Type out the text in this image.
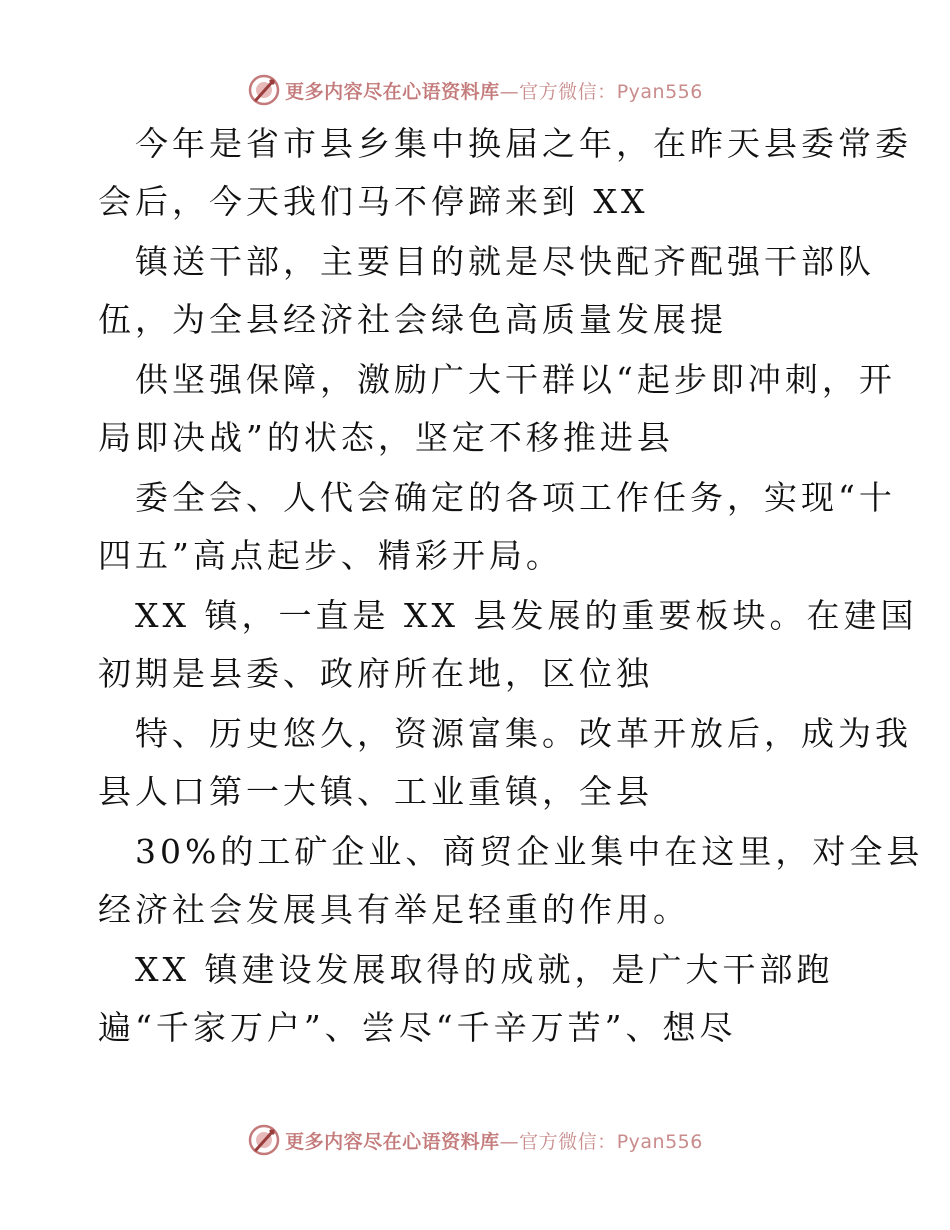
更多内容尽在心语资料库—官方微信：Pyan556
今年是省市县乡集中换届之年，在昨天县委常委
会后，今天我们马不停蹄来到 XX
镇送干部，主要目的就是尽快配齐配强干部队
伍，为全县经济社会绿色高质量发展提
供坚强保障，激励广大干群以“起步即冲刺，开
局即决战”的状态，坚定不移推进县
委全会、人代会确定的各项工作任务，实现“十
四五”高点起步、精彩开局。
XX 镇，一直是 XX 县发展的重要板块。在建国
初期是县委、政府所在地，区位独
特、历史悠久，资源富集。改革开放后，成为我
县人口第一大镇、工业重镇，全县
30%的工矿企业、商贸企业集中在这里，对全县
经济社会发展具有举足轻重的作用。
XX 镇建设发展取得的成就，是广大干部跑
遍“千家万户”、尝尽“千辛万苦”、想尽
更多内容尽在心语资料库—官方微信：Pyan556
